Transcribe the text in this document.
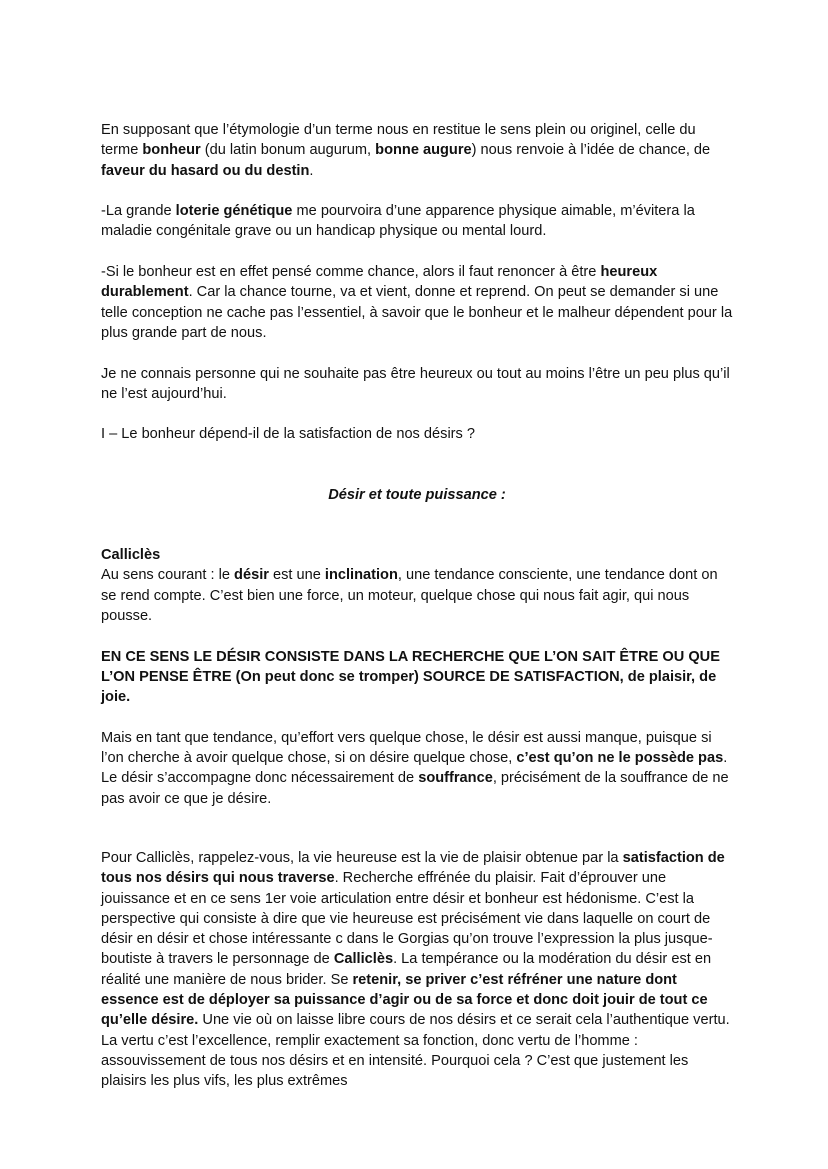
En supposant que l’étymologie d’un terme nous en restitue le sens plein ou originel, celle du terme bonheur (du latin bonum augurum, bonne augure) nous renvoie à l’idée de chance, de faveur du hasard ou du destin.

-La grande loterie génétique me pourvoira d’une apparence physique aimable, m’évitera la maladie congénitale grave ou un handicap physique ou mental lourd.

-Si le bonheur est en effet pensé comme chance, alors il faut renoncer à être heureux durablement. Car la chance tourne, va et vient, donne et reprend. On peut se demander si une telle conception ne cache pas l’essentiel, à savoir que le bonheur et le malheur dépendent pour la plus grande part de nous.

Je ne connais personne qui ne souhaite pas être heureux ou tout au moins l’être un peu plus qu’il ne l’est aujourd’hui.

I – Le bonheur dépend-il de la satisfaction de nos désirs ?

Désir et toute puissance :

Calliclès
Au sens courant : le désir est une inclination, une tendance consciente, une tendance dont on se rend compte. C’est bien une force, un moteur, quelque chose qui nous fait agir, qui nous pousse.

EN CE SENS LE DÉSIR CONSISTE DANS LA RECHERCHE QUE L’ON SAIT ÊTRE OU QUE L’ON PENSE ÊTRE (On peut donc se tromper) SOURCE DE SATISFACTION, de plaisir, de joie.

Mais en tant que tendance, qu’effort vers quelque chose, le désir est aussi manque, puisque si l’on cherche à avoir quelque chose, si on désire quelque chose, c’est qu’on ne le possède pas. Le désir s’accompagne donc nécessairement de souffrance, précisément de la souffrance de ne pas avoir ce que je désire.

Pour Calliclès, rappelez-vous, la vie heureuse est la vie de plaisir obtenue par la satisfaction de tous nos désirs qui nous traverse. Recherche effrénée du plaisir. Fait d’éprouver une jouissance et en ce sens 1er voie articulation entre désir et bonheur est hédonisme. C’est la perspective qui consiste à dire que vie heureuse est précisément vie dans laquelle on court de désir en désir et chose intéressante c dans le Gorgias qu’on trouve l’expression la plus jusque-boutiste à travers le personnage de Calliclès. La tempérance ou la modération du désir est en réalité une manière de nous brider. Se retenir, se priver c’est réfréner une nature dont essence est de déployer sa puissance d’agir ou de sa force et donc doit jouir de tout ce qu’elle désire. Une vie où on laisse libre cours de nos désirs et ce serait cela l’authentique vertu. La vertu c’est l’excellence, remplir exactement sa fonction, donc vertu de l’homme : assouvissement de tous nos désirs et en intensité. Pourquoi cela ? C’est que justement les plaisirs les plus vifs, les plus extrêmes
